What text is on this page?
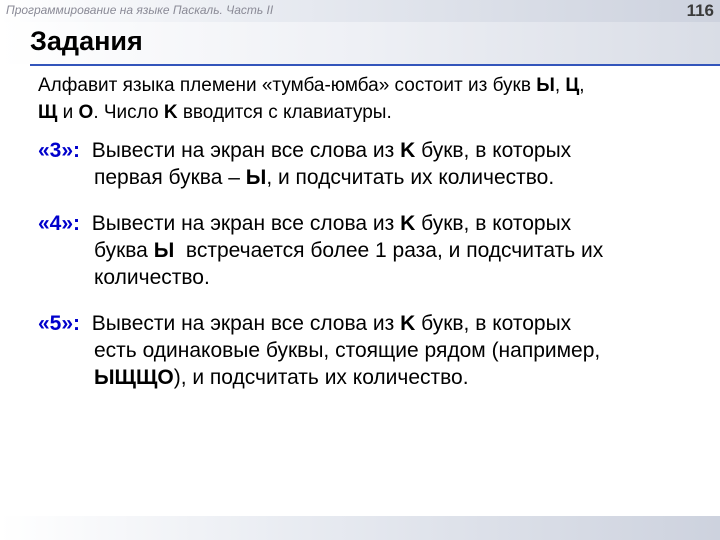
Программирование на языке Паскаль. Часть II	116
Задания
Алфавит языка племени «тумба-юмба» состоит из букв Ы, Ц,
Щ и О. Число K вводится с клавиатуры.
«3»:  Вывести на экран все слова из K букв, в которых
первая буква – Ы, и подсчитать их количество.
«4»:  Вывести на экран все слова из K букв, в которых
буква Ы  встречается более 1 раза, и подсчитать их
количество.
«5»:  Вывести на экран все слова из K букв, в которых
есть одинаковые буквы, стоящие рядом (например,
ЫЩЩО), и подсчитать их количество.
